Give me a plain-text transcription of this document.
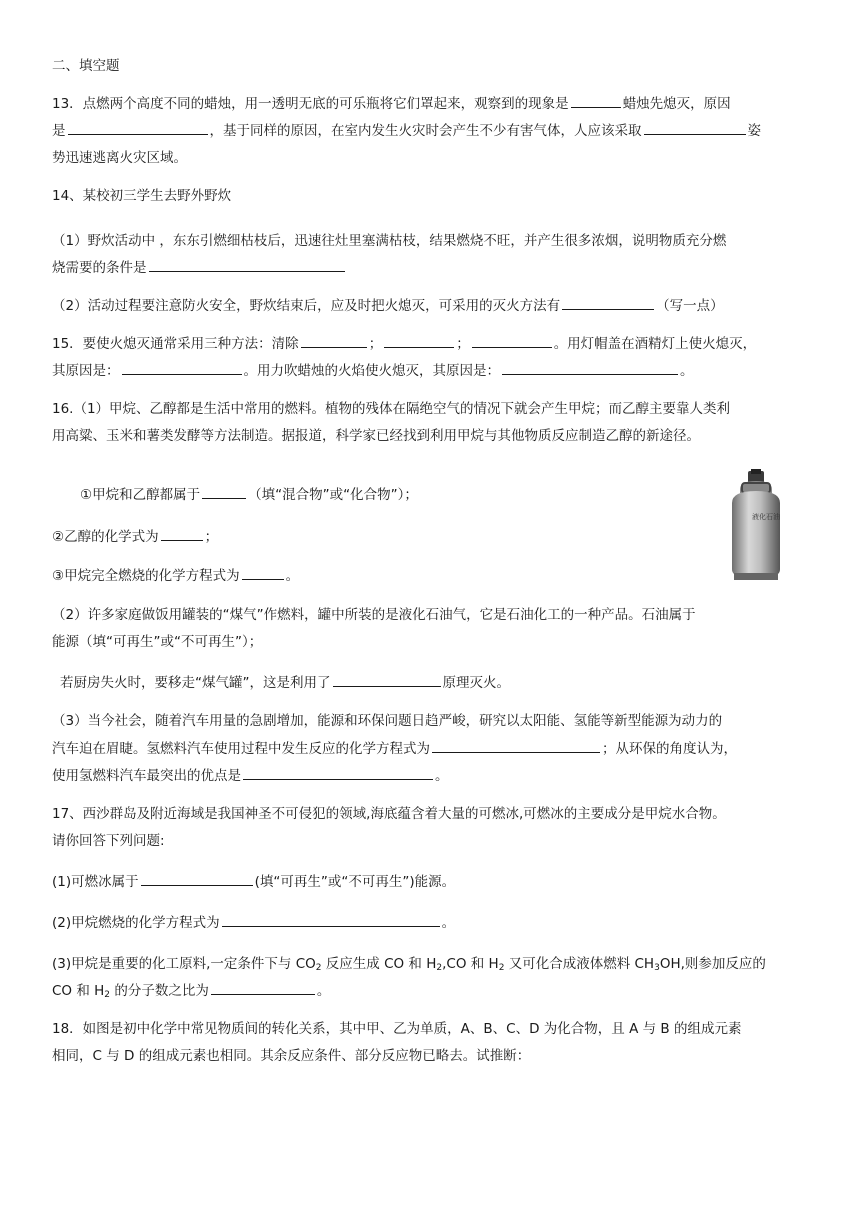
二、填空题
13．点燃两个高度不同的蜡烛，用一透明无底的可乐瓶将它们罩起来，观察到的现象是	蜡烛先熄灭，原因
是	，基于同样的原因，在室内发生火灾时会产生不少有害气体，人应该采取	姿
势迅速逃离火灾区域。
14、某校初三学生去野外野炊
（1）野炊活动中 ，东东引燃细枯枝后，迅速往灶里塞满枯枝，结果燃烧不旺，并产生很多浓烟，说明物质充分燃
烧需要的条件是
（2）活动过程要注意防火安全，野炊结束后，应及时把火熄灭，可采用的灭火方法有	（写一点）
15．要使火熄灭通常采用三种方法：清除	；	；	。用灯帽盖在酒精灯上使火熄灭，
其原因是：	。用力吹蜡烛的火焰使火熄灭，其原因是：	。
16.（1）甲烷、乙醇都是生活中常用的燃料。植物的残体在隔绝空气的情况下就会产生甲烷；而乙醇主要靠人类利
用高粱、玉米和薯类发酵等方法制造。据报道，科学家已经找到利用甲烷与其他物质反应制造乙醇的新途径。
①甲烷和乙醇都属于	（填“混合物”或“化合物”）；
②乙醇的化学式为	；
③甲烷完全燃烧的化学方程式为	。
液化石油
（2）许多家庭做饭用罐装的“煤气”作燃料，罐中所装的是液化石油气，它是石油化工的一种产品。石油属于
能源（填“可再生”或“不可再生”）；
若厨房失火时，要移走“煤气罐”，这是利用了	原理灭火。
（3）当今社会，随着汽车用量的急剧增加，能源和环保问题日趋严峻，研究以太阳能、氢能等新型能源为动力的
汽车迫在眉睫。氢燃料汽车使用过程中发生反应的化学方程式为	；从环保的角度认为，
使用氢燃料汽车最突出的优点是	。
17、西沙群岛及附近海域是我国神圣不可侵犯的领域,海底蕴含着大量的可燃冰,可燃冰的主要成分是甲烷水合物。
请你回答下列问题:
(1)可燃冰属于	(填“可再生”或“不可再生”)能源。
(2)甲烷燃烧的化学方程式为	。
(3)甲烷是重要的化工原料,一定条件下与 $CO_2$ 反应生成 CO 和 $H_2,CO$ 和 $H_2$ 又可化合成液体燃料 $CH_3OH$,则参加反应的
CO 和 $H_2$ 的分子数之比为	。
18．如图是初中化学中常见物质间的转化关系，其中甲、乙为单质，A、B、C、D 为化合物，且 A 与 B 的组成元素
相同，C 与 D 的组成元素也相同。其余反应条件、部分反应物已略去。试推断：
